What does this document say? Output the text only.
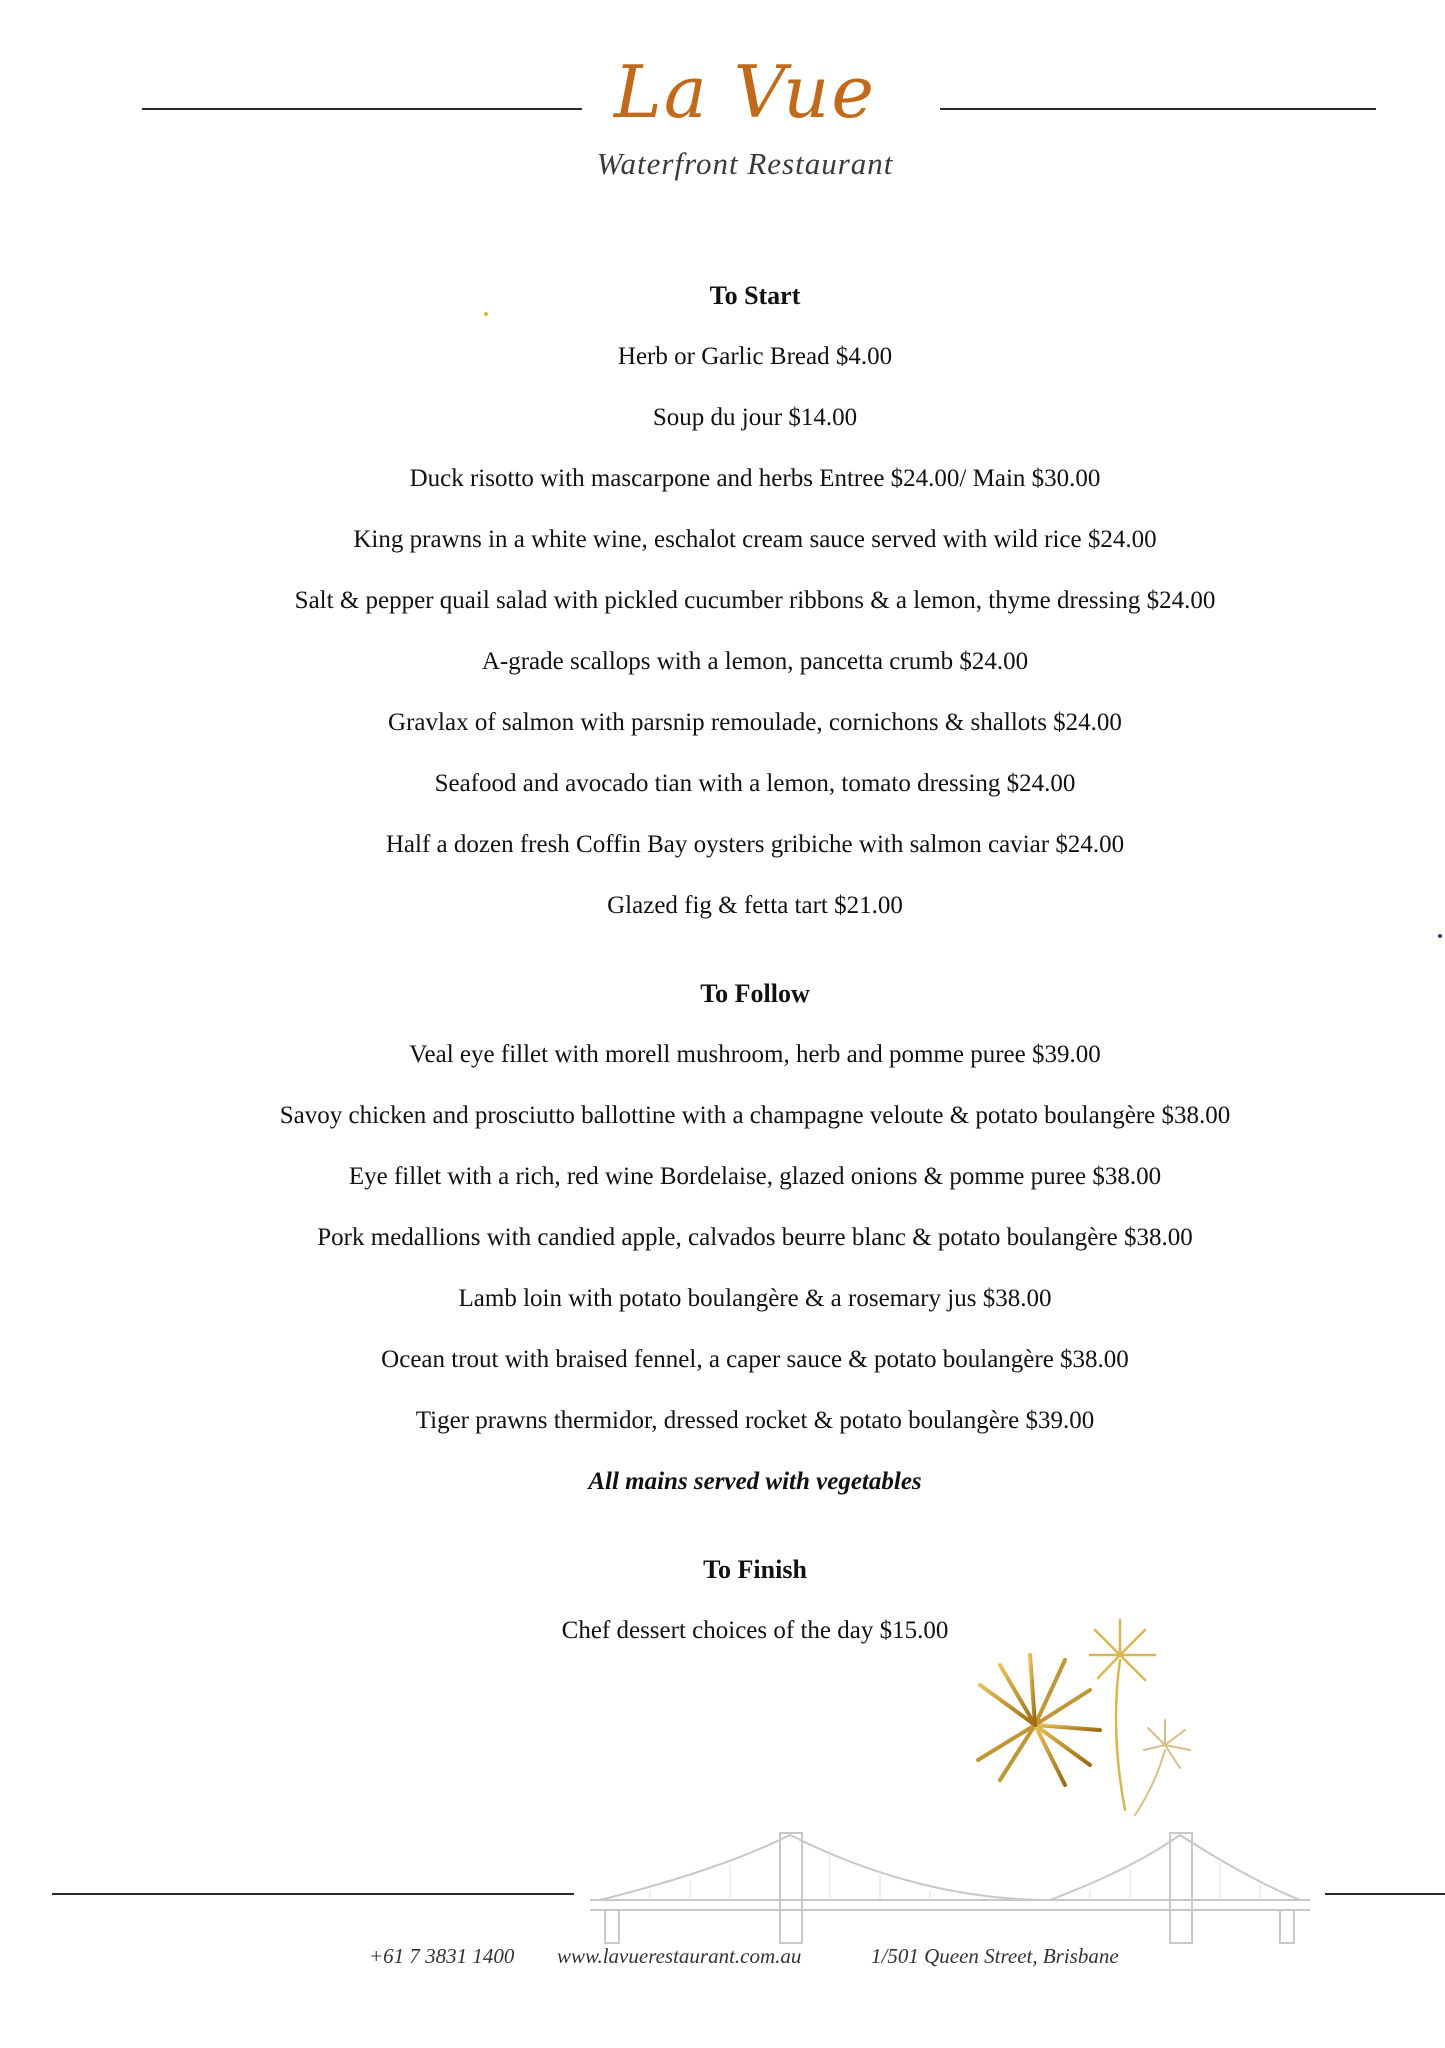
La Vue
Waterfront Restaurant
To Start
Herb or Garlic Bread $4.00
Soup du jour $14.00
Duck risotto with mascarpone and herbs Entree $24.00/ Main $30.00
King prawns in a white wine, eschalot cream sauce served with wild rice $24.00
Salt & pepper quail salad with pickled cucumber ribbons & a lemon, thyme dressing $24.00
A-grade scallops with a lemon, pancetta crumb $24.00
Gravlax of salmon with parsnip remoulade, cornichons & shallots $24.00
Seafood and avocado tian with a lemon, tomato dressing $24.00
Half a dozen fresh Coffin Bay oysters gribiche with salmon caviar $24.00
Glazed fig & fetta tart $21.00
To Follow
Veal eye fillet with morell mushroom, herb and pomme puree $39.00
Savoy chicken and prosciutto ballottine with a champagne veloute & potato boulangère $38.00
Eye fillet with a rich, red wine Bordelaise, glazed onions & pomme puree $38.00
Pork medallions with candied apple, calvados beurre blanc & potato boulangère $38.00
Lamb loin with potato boulangère & a rosemary jus $38.00
Ocean trout with braised fennel, a caper sauce & potato boulangère $38.00
Tiger prawns thermidor, dressed rocket & potato boulangère $39.00
All mains served with vegetables
To Finish
Chef dessert choices of the day $15.00
+61 7 3831 1400 www.lavuerestaurant.com.au	1/501 Queen Street, Brisbane
